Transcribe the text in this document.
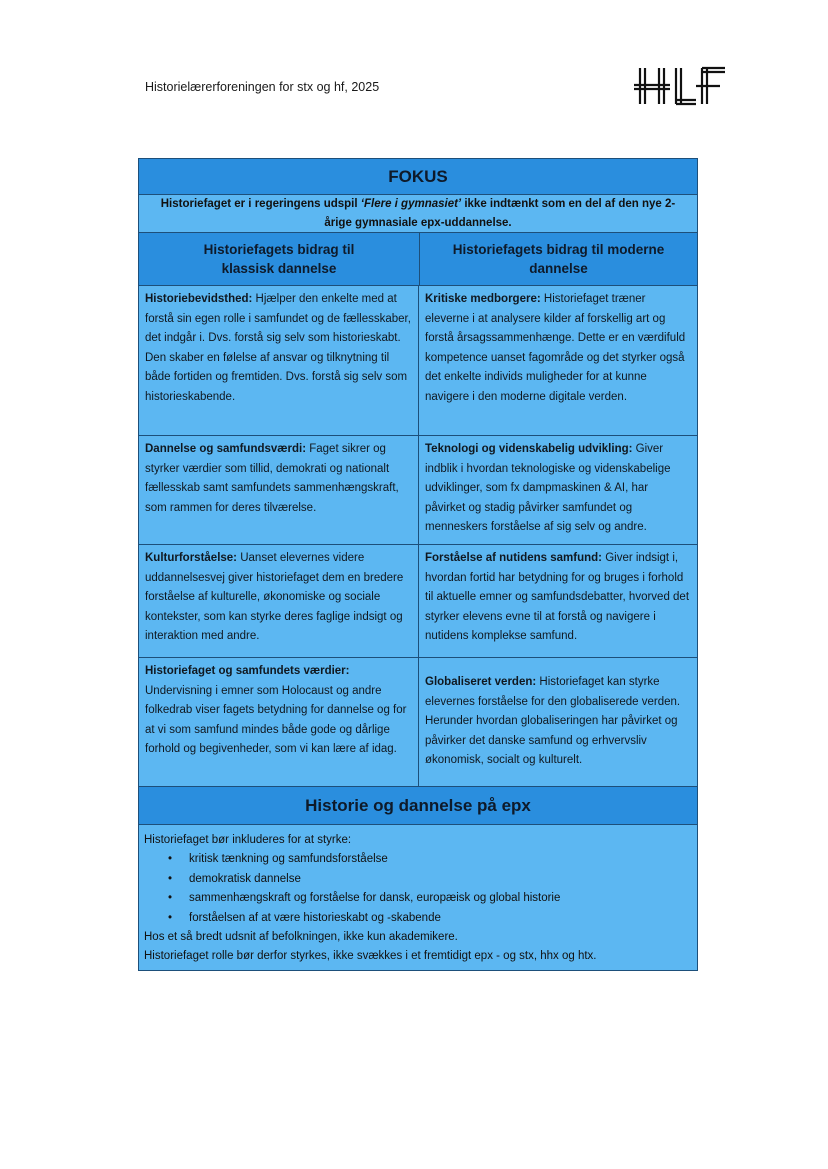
Historielærerforeningen for stx og hf, 2025
FOKUS
Historiefaget er i regeringens udspil ‘Flere i gymnasiet’ ikke indtænkt som en del af den nye 2-årige gymnasiale epx-uddannelse.
Historiefagets bidrag til klassisk dannelse
Historiefagets bidrag til moderne dannelse
Historiebevidsthed: Hjælper den enkelte med at forstå sin egen rolle i samfundet og de fællesskaber, det indgår i. Dvs. forstå sig selv som historieskabt. Den skaber en følelse af ansvar og tilknytning til både fortiden og fremtiden. Dvs. forstå sig selv som historieskabende.
Kritiske medborgere: Historiefaget træner eleverne i at analysere kilder af forskellig art og forstå årsagssammenhænge. Dette er en værdifuld kompetence uanset fagområde og det styrker også det enkelte individs muligheder for at kunne navigere i den moderne digitale verden.
Dannelse og samfundsværdi: Faget sikrer og styrker værdier som tillid, demokrati og nationalt fællesskab samt samfundets sammenhængskraft, som rammen for deres tilværelse.
Teknologi og videnskabelig udvikling: Giver indblik i hvordan teknologiske og videnskabelige udviklinger, som fx dampmaskinen & AI, har påvirket og stadig påvirker samfundet og menneskers forståelse af sig selv og andre.
Kulturforståelse: Uanset elevernes videre uddannelsesvej giver historiefaget dem en bredere forståelse af kulturelle, økonomiske og sociale kontekster, som kan styrke deres faglige indsigt og interaktion med andre.
Forståelse af nutidens samfund: Giver indsigt i, hvordan fortid har betydning for og bruges i forhold til aktuelle emner og samfundsdebatter, hvorved det styrker elevens evne til at forstå og navigere i nutidens komplekse samfund.
Historiefaget og samfundets værdier: Undervisning i emner som Holocaust og andre folkedrab viser fagets betydning for dannelse og for at vi som samfund mindes både gode og dårlige forhold og begivenheder, som vi kan lære af idag.
Globaliseret verden: Historiefaget kan styrke elevernes forståelse for den globaliserede verden. Herunder hvordan globaliseringen har påvirket og påvirker det danske samfund og erhvervsliv økonomisk, socialt og kulturelt.
Historie og dannelse på epx
Historiefaget bør inkluderes for at styrke:
• kritisk tænkning og samfundsforståelse
• demokratisk dannelse
• sammenhængskraft og forståelse for dansk, europæisk og global historie
• forståelsen af at være historieskabt og -skabende
Hos et så bredt udsnit af befolkningen, ikke kun akademikere.
Historiefaget rolle bør derfor styrkes, ikke svækkes i et fremtidigt epx - og stx, hhx og htx.
